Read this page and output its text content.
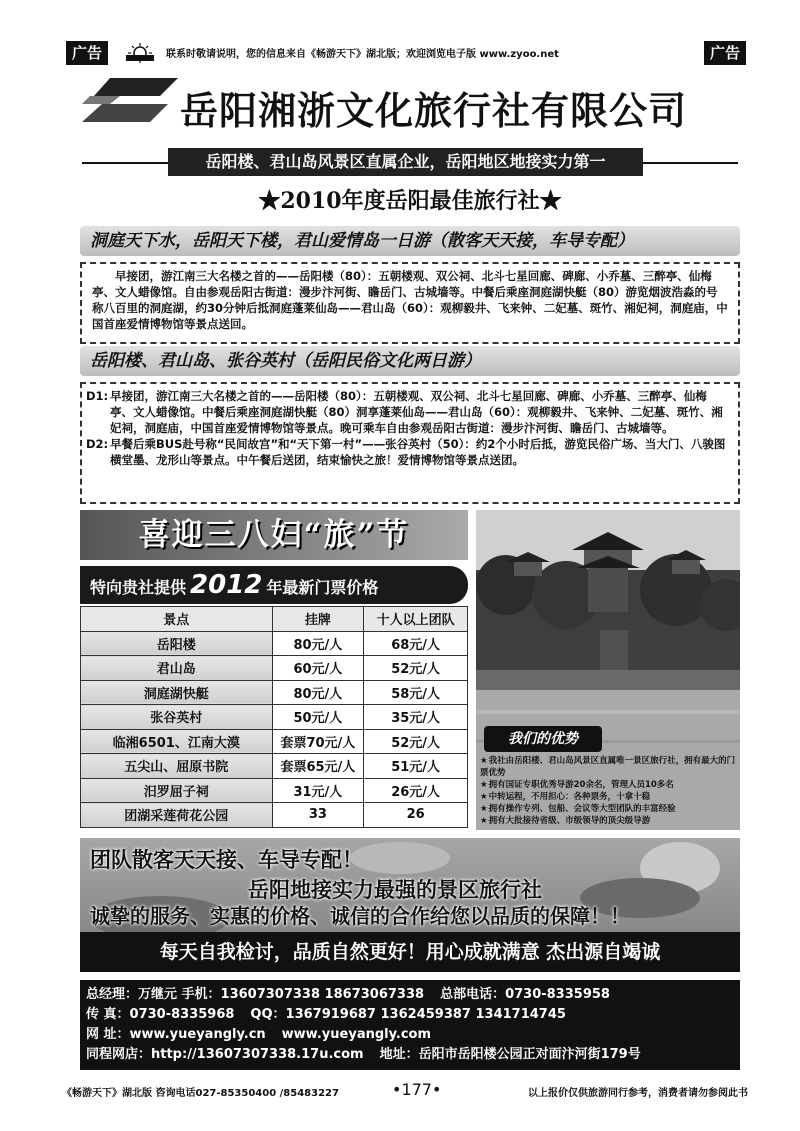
广告	联系时敬请说明，您的信息来自《畅游天下》湖北版；欢迎浏览电子版 www.zyoo.net	广告
岳阳湘浙文化旅行社有限公司
岳阳楼、君山岛风景区直属企业，岳阳地区地接实力第一
★2010年度岳阳最佳旅行社★
洞庭天下水，岳阳天下楼，君山爱情岛一日游（散客天天接，车导专配）

早接团，游江南三大名楼之首的——岳阳楼（80）：五朝楼观、双公祠、北斗七星回廊、碑廊、小乔墓、三醉亭、仙梅亭、文人蜡像馆。自由参观岳阳古街道：漫步汴河街、瞻岳门、古城墙等。中餐后乘座洞庭湖快艇（80）游览烟波浩淼的号称八百里的洞庭湖，约30分钟后抵洞庭蓬莱仙岛——君山岛（60）：观柳毅井、飞来钟、二妃墓、斑竹、湘妃祠，洞庭庙，中国首座爱情博物馆等景点送回。

岳阳楼、君山岛、张谷英村（岳阳民俗文化两日游）
D1: 早接团，游江南三大名楼之首的——岳阳楼（80）：五朝楼观、双公祠、北斗七星回廊、碑廊、小乔墓、三醉亭、仙梅亭、文人蜡像馆。中餐后乘座洞庭湖快艇（80）洞享蓬莱仙岛——君山岛（60）：观柳毅井、飞来钟、二妃墓、斑竹、湘妃祠，洞庭庙，中国首座爱情博物馆等景点。晚可乘车自由参观岳阳古街道：漫步汴河街、瞻岳门、古城墙等。
D2: 早餐后乘BUS赴号称“民间故宫”和“天下第一村”——张谷英村（50）：约2个小时后抵，游览民俗广场、当大门、八骏图横堂墨、龙形山等景点。中午餐后送团，结束愉快之旅！爱情博物馆等景点送团。
喜迎三八妇“旅”节
特向贵社提供 2012 年最新门票价格
景点	挂牌	十人以上团队
岳阳楼	80元/人	68元/人
君山岛	60元/人	52元/人
洞庭湖快艇	80元/人	58元/人
张谷英村	50元/人	35元/人
临湘6501、江南大漠	套票70元/人	52元/人
五尖山、屈原书院	套票65元/人	51元/人
汨罗屈子祠	31元/人	26元/人
团湖采莲荷花公园	33	26
我们的优势
★ 我社由岳阳楼、君山岛风景区直属唯一景区旅行社，拥有最大的门票优势
★ 拥有国证专职优秀导游20余名，管理人员10多名
★ 中转运程，不用担心：各种票务，十拿十稳
★ 拥有操作专列、包船、会议等大型团队的丰富经验
★ 拥有大批接待省级、市级领导的顶尖级导游
团队散客天天接、车导专配！
岳阳地接实力最强的景区旅行社
诚挚的服务、实惠的价格、诚信的合作给您以品质的保障！！
每天自我检讨，品质自然更好！用心成就满意 杰出源自竭诚
总经理：万继元 手机：13607307338 18673067338 总部电话：0730-8335958
传 真：0730-8335968 QQ：1367919687 1362459387 1341714745
网 址：www.yueyangly.cn www.yueyangly.com
同程网店：http://13607307338.17u.com 地址：岳阳市岳阳楼公园正对面汴河街179号
《畅游天下》湖北版 咨询电话027-85350400 /85483227	•177•	以上报价仅供旅游同行参考，消费者请勿参阅此书
